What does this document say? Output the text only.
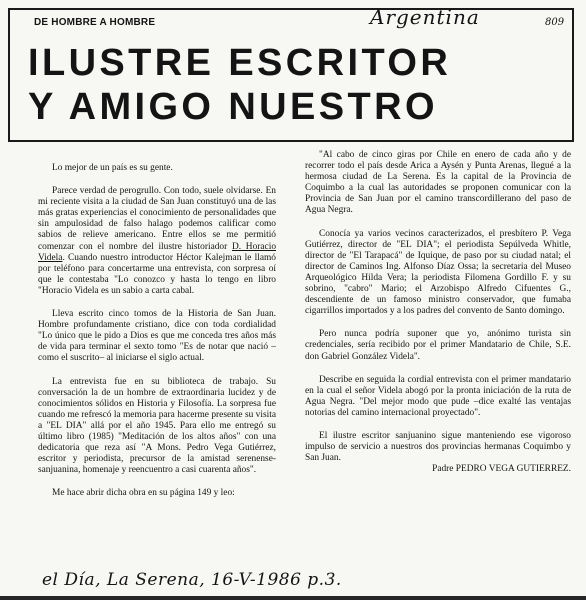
DE HOMBRE A HOMBRE	Argentina	809
ILUSTRE ESCRITOR
Y AMIGO NUESTRO

Lo mejor de un país es su gente.

Parece verdad de perogrullo. Con todo, suele olvidarse. En mi reciente visita a la ciudad de San Juan constituyó una de las más gratas experiencias el conocimiento de personalidades que sin ampulosidad de falso halago podemos calificar como sabios de relieve americano. Entre ellos se me permitió comenzar con el nombre del ilustre historiador D. Horacio Videla. Cuando nuestro introductor Héctor Kalejman le llamó por teléfono para concertarme una entrevista, con sorpresa oí que le contestaba "Lo conozco y hasta lo tengo en libro "Horacio Videla es un sabio a carta cabal.

Lleva escrito cinco tomos de la Historia de San Juan. Hombre profundamente cristiano, dice con toda cordialidad "Lo único que le pido a Dios es que me conceda tres años más de vida para terminar el sexto tomo "Es de notar que nació –como el suscrito– al iniciarse el siglo actual.

La entrevista fue en su biblioteca de trabajo. Su conversación la de un hombre de extraordinaria lucidez y de conocimientos sólidos en Historia y Filosofía. La sorpresa fue cuando me refrescó la memoria para hacerme presente su visita a "EL DIA" allá por el año 1945. Para ello me entregó su último libro (1985) "Meditación de los altos años" con una dedicatoria que reza así "A Mons. Pedro Vega Gutiérrez, escritor y periodista, precursor de la amistad serenense-sanjuanina, homenaje y reencuentro a casi cuarenta años".

Me hace abrir dicha obra en su página 149 y leo:

"Al cabo de cinco giras por Chile en enero de cada año y de recorrer todo el país desde Arica a Aysén y Punta Arenas, llegué a la hermosa ciudad de La Serena. Es la capital de la Provincia de Coquimbo a la cual las autoridades se proponen comunicar con la Provincia de San Juan por el camino transcordillerano del paso de Agua Negra.

Conocía ya varios vecinos caracterizados, el presbítero P. Vega Gutiérrez, director de "EL DIA"; el periodista Sepúlveda Whitle, director de "El Tarapacá" de Iquique, de paso por su ciudad natal; el director de Caminos Ing. Alfonso Díaz Ossa; la secretaria del Museo Arqueológico Hilda Vera; la periodista Filomena Gordillo F. y su sobrino, "cabro" Mario; el Arzobispo Alfredo Cifuentes G., descendiente de un famoso ministro conservador, que fumaba cigarrillos importados y a los padres del convento de Santo domingo.

Pero nunca podría suponer que yo, anónimo turista sin credenciales, sería recibido por el primer Mandatario de Chile, S.E. don Gabriel González Videla".

Describe en seguida la cordial entrevista con el primer mandatario en la cual el señor Videla abogó por la pronta iniciación de la ruta de Agua Negra. "Del mejor modo que pude –dice exalté las ventajas notorias del camino internacional proyectado".

El ilustre escritor sanjuanino sigue manteniendo ese vigoroso impulso de servicio a nuestros dos provincias hermanas Coquimbo y San Juan.

Padre PEDRO VEGA GUTIERREZ.

el Día, La Serena, 16-V-1986 p.3.
